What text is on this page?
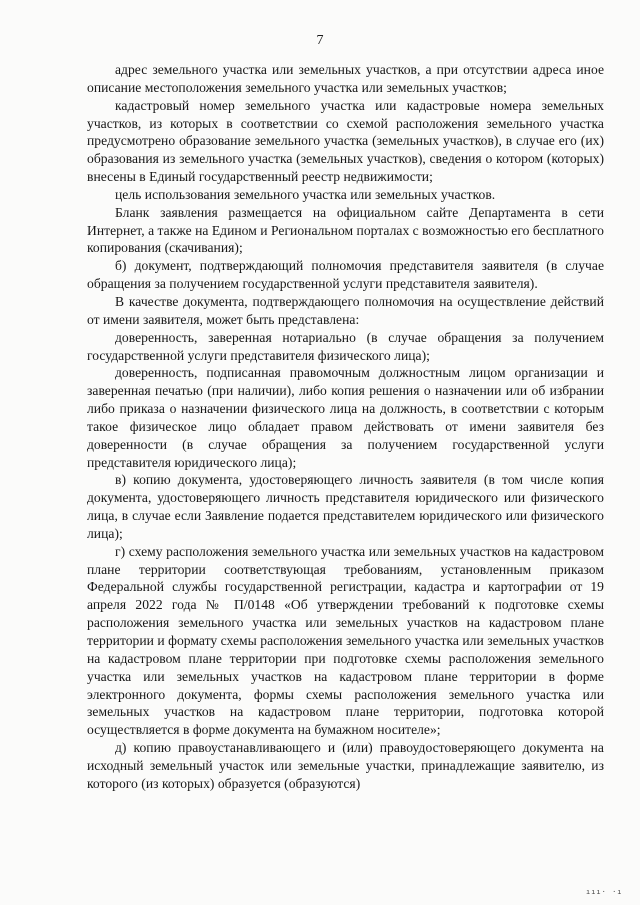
7

адрес земельного участка или земельных участков, а при отсутствии адреса иное описание местоположения земельного участка или земельных участков;

кадастровый номер земельного участка или кадастровые номера земельных участков, из которых в соответствии со схемой расположения земельного участка предусмотрено образование земельного участка (земельных участков), в случае его (их) образования из земельного участка (земельных участков), сведения о котором (которых) внесены в Единый государственный реестр недвижимости;

цель использования земельного участка или земельных участков.

Бланк заявления размещается на официальном сайте Департамента в сети Интернет, а также на Едином и Региональном порталах с возможностью его бесплатного копирования (скачивания);

б) документ, подтверждающий полномочия представителя заявителя (в случае обращения за получением государственной услуги представителя заявителя).

В качестве документа, подтверждающего полномочия на осуществление действий от имени заявителя, может быть представлена:

доверенность, заверенная нотариально (в случае обращения за получением государственной услуги представителя физического лица);

доверенность, подписанная правомочным должностным лицом организации и заверенная печатью (при наличии), либо копия решения о назначении или об избрании либо приказа о назначении физического лица на должность, в соответствии с которым такое физическое лицо обладает правом действовать от имени заявителя без доверенности (в случае обращения за получением государственной услуги представителя юридического лица);

в) копию документа, удостоверяющего личность заявителя (в том числе копия документа, удостоверяющего личность представителя юридического или физического лица, в случае если Заявление подается представителем юридического или физического лица);

г) схему расположения земельного участка или земельных участков на кадастровом плане территории соответствующая требованиям, установленным приказом Федеральной службы государственной регистрации, кадастра и картографии от 19 апреля 2022 года № П/0148 «Об утверждении требований к подготовке схемы расположения земельного участка или земельных участков на кадастровом плане территории и формату схемы расположения земельного участка или земельных участков на кадастровом плане территории при подготовке схемы расположения земельного участка или земельных участков на кадастровом плане территории в форме электронного документа, формы схемы расположения земельного участка или земельных участков на кадастровом плане территории, подготовка которой осуществляется в форме документа на бумажном носителе»;

д) копию правоустанавливающего и (или) правоудостоверяющего документа на исходный земельный участок или земельные участки, принадлежащие заявителю, из которого (из которых) образуется (образуются)

ııı· ·ı
